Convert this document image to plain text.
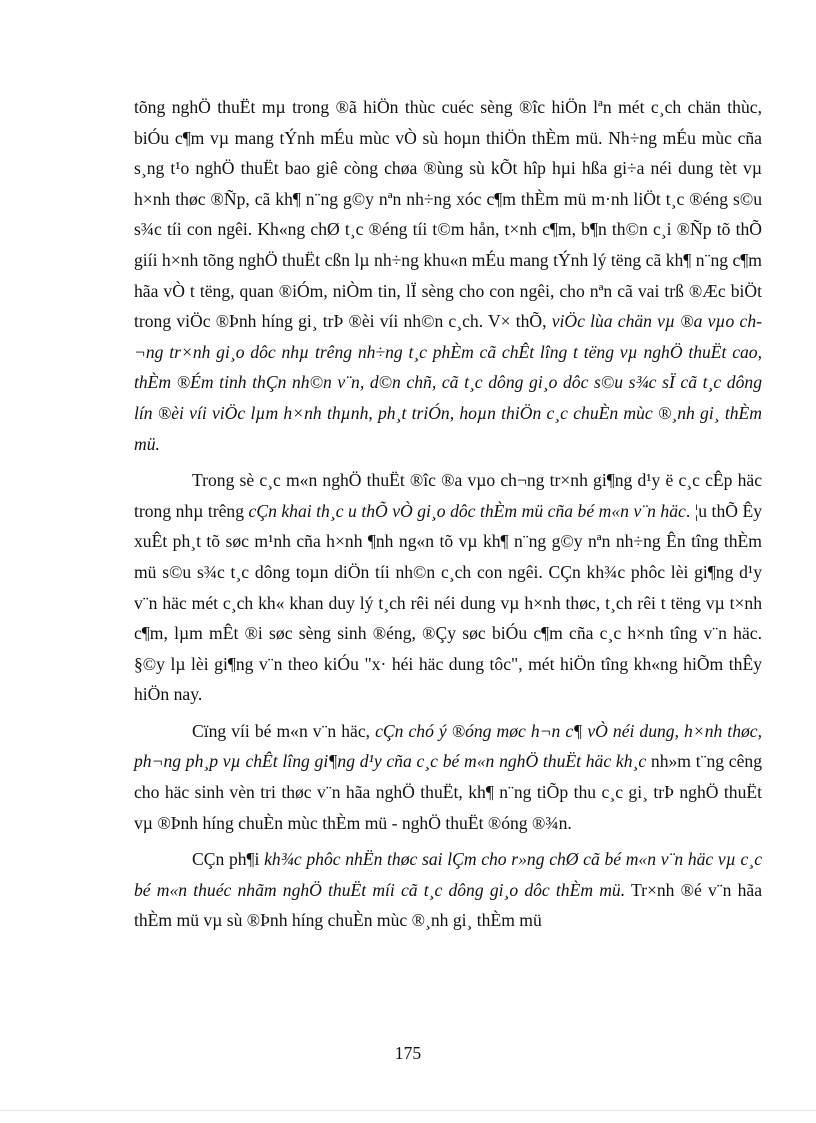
tõng nghÖ thuËt mµ trong ®ã hiÖn thùc cuéc sèng ®îc hiÖn lªn mét c¸ch chän thùc, biÓu c¶m vµ mang tÝnh mÉu mùc vÒ sù hoµn thiÖn thÈm mü. Nh÷ng mÉu mùc cña s¸ng t¹o nghÖ thuËt bao giê còng chøa ®ùng sù kÕt hîp hµi hßa gi÷a néi dung tèt vµ h×nh thøc ®Ñp, cã kh¶ n¨ng g©y nªn nh÷ng xóc c¶m thÈm mü m·nh liÖt t¸c ®éng s©u s¾c tíi con ngêi. Kh«ng chØ t¸c ®éng tíi t©m hån, t×nh c¶m, b¶n th©n c¸i ®Ñp tõ thÕ giíi h×nh tõng nghÖ thuËt cßn lµ nh÷ng khu«n mÉu mang tÝnh lý tëng cã kh¶ n¨ng c¶m hãa vÒ t tëng, quan ®iÓm, niÒm tin, lÏ sèng cho con ngêi, cho nªn cã vai trß ®Æc biÖt trong viÖc ®Þnh híng gi¸ trÞ ®èi víi nh©n c¸ch. V× thÕ, viÖc lùa chän vµ ®a vµo ch¬ng tr×nh gi¸o dôc nhµ trêng nh÷ng t¸c phÈm cã chÊt lîng t tëng vµ nghÖ thuËt cao, thÈm ®Ém tinh thÇn nh©n v¨n, d©n chñ, cã t¸c dông gi¸o dôc s©u s¾c sÏ cã t¸c dông lín ®èi víi viÖc lµm h×nh thµnh, ph¸t triÓn, hoµn thiÖn c¸c chuÈn mùc ®¸nh gi¸ thÈm mü.

Trong sè c¸c m«n nghÖ thuËt ®îc ®a vµo ch¬ng tr×nh gi¶ng d¹y ë c¸c cÊp häc trong nhµ trêng cÇn khai th¸c u thÕ vÒ gi¸o dôc thÈm mü cña bé m«n v¨n häc. ¦u thÕ Êy xuÊt ph¸t tõ søc m¹nh cña h×nh ¶nh ng«n tõ vµ kh¶ n¨ng g©y nªn nh÷ng Ên tîng thÈm mü s©u s¾c t¸c dông toµn diÖn tíi nh©n c¸ch con ngêi. CÇn kh¾c phôc lèi gi¶ng d¹y v¨n häc mét c¸ch kh« khan duy lý t¸ch rêi néi dung vµ h×nh thøc, t¸ch rêi t tëng vµ t×nh c¶m, lµm mÊt ®i søc sèng sinh ®éng, ®Çy søc biÓu c¶m cña c¸c h×nh tîng v¨n häc. §©y lµ lèi gi¶ng v¨n theo kiÓu "x· héi häc dung tôc", mét hiÖn tîng kh«ng hiÕm thÊy hiÖn nay.

Cïng víi bé m«n v¨n häc, cÇn chó ý ®óng møc h¬n c¶ vÒ néi dung, h×nh thøc, ph¬ng ph¸p vµ chÊt lîng gi¶ng d¹y cña c¸c bé m«n nghÖ thuËt häc kh¸c nh»m t¨ng cêng cho häc sinh vèn tri thøc v¨n hãa nghÖ thuËt, kh¶ n¨ng tiÕp thu c¸c gi¸ trÞ nghÖ thuËt vµ ®Þnh híng chuÈn mùc thÈm mü - nghÖ thuËt ®óng ®¾n.

CÇn ph¶i kh¾c phôc nhËn thøc sai lÇm cho r»ng chØ cã bé m«n v¨n häc vµ c¸c bé m«n thuéc nhãm nghÖ thuËt míi cã t¸c dông gi¸o dôc thÈm mü. Tr×nh ®é v¨n hãa thÈm mü vµ sù ®Þnh híng chuÈn mùc ®¸nh gi¸ thÈm mü

175
